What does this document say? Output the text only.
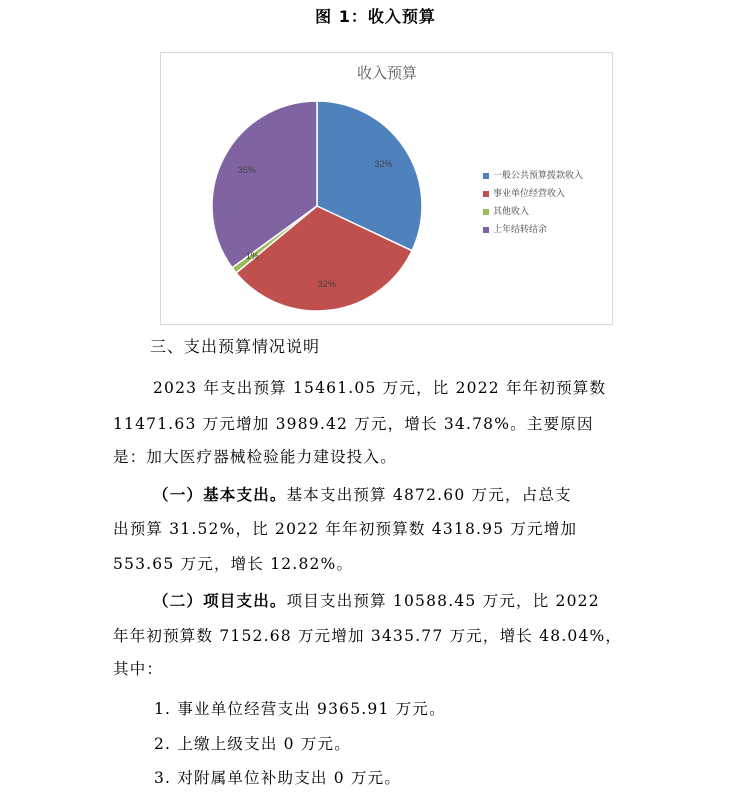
图 1：收入预算
收入预算
32%
32%
1%
35%
一般公共预算拨款收入
事业单位经营收入
其他收入
上年结转结余
三、支出预算情况说明

2023 年支出预算 15461.05 万元，比 2022 年年初预算数

11471.63 万元增加 3989.42 万元，增长 34.78%。主要原因

是：加大医疗器械检验能力建设投入。

（一）基本支出。基本支出预算 4872.60 万元，占总支

出预算 31.52%，比 2022 年年初预算数 4318.95 万元增加

553.65 万元，增长 12.82%。

（二）项目支出。项目支出预算 10588.45 万元，比 2022

年年初预算数 7152.68 万元增加 3435.77 万元，增长 48.04%，

其中：

1. 事业单位经营支出 9365.91 万元。
2. 上缴上级支出 0 万元。
3. 对附属单位补助支出 0 万元。
